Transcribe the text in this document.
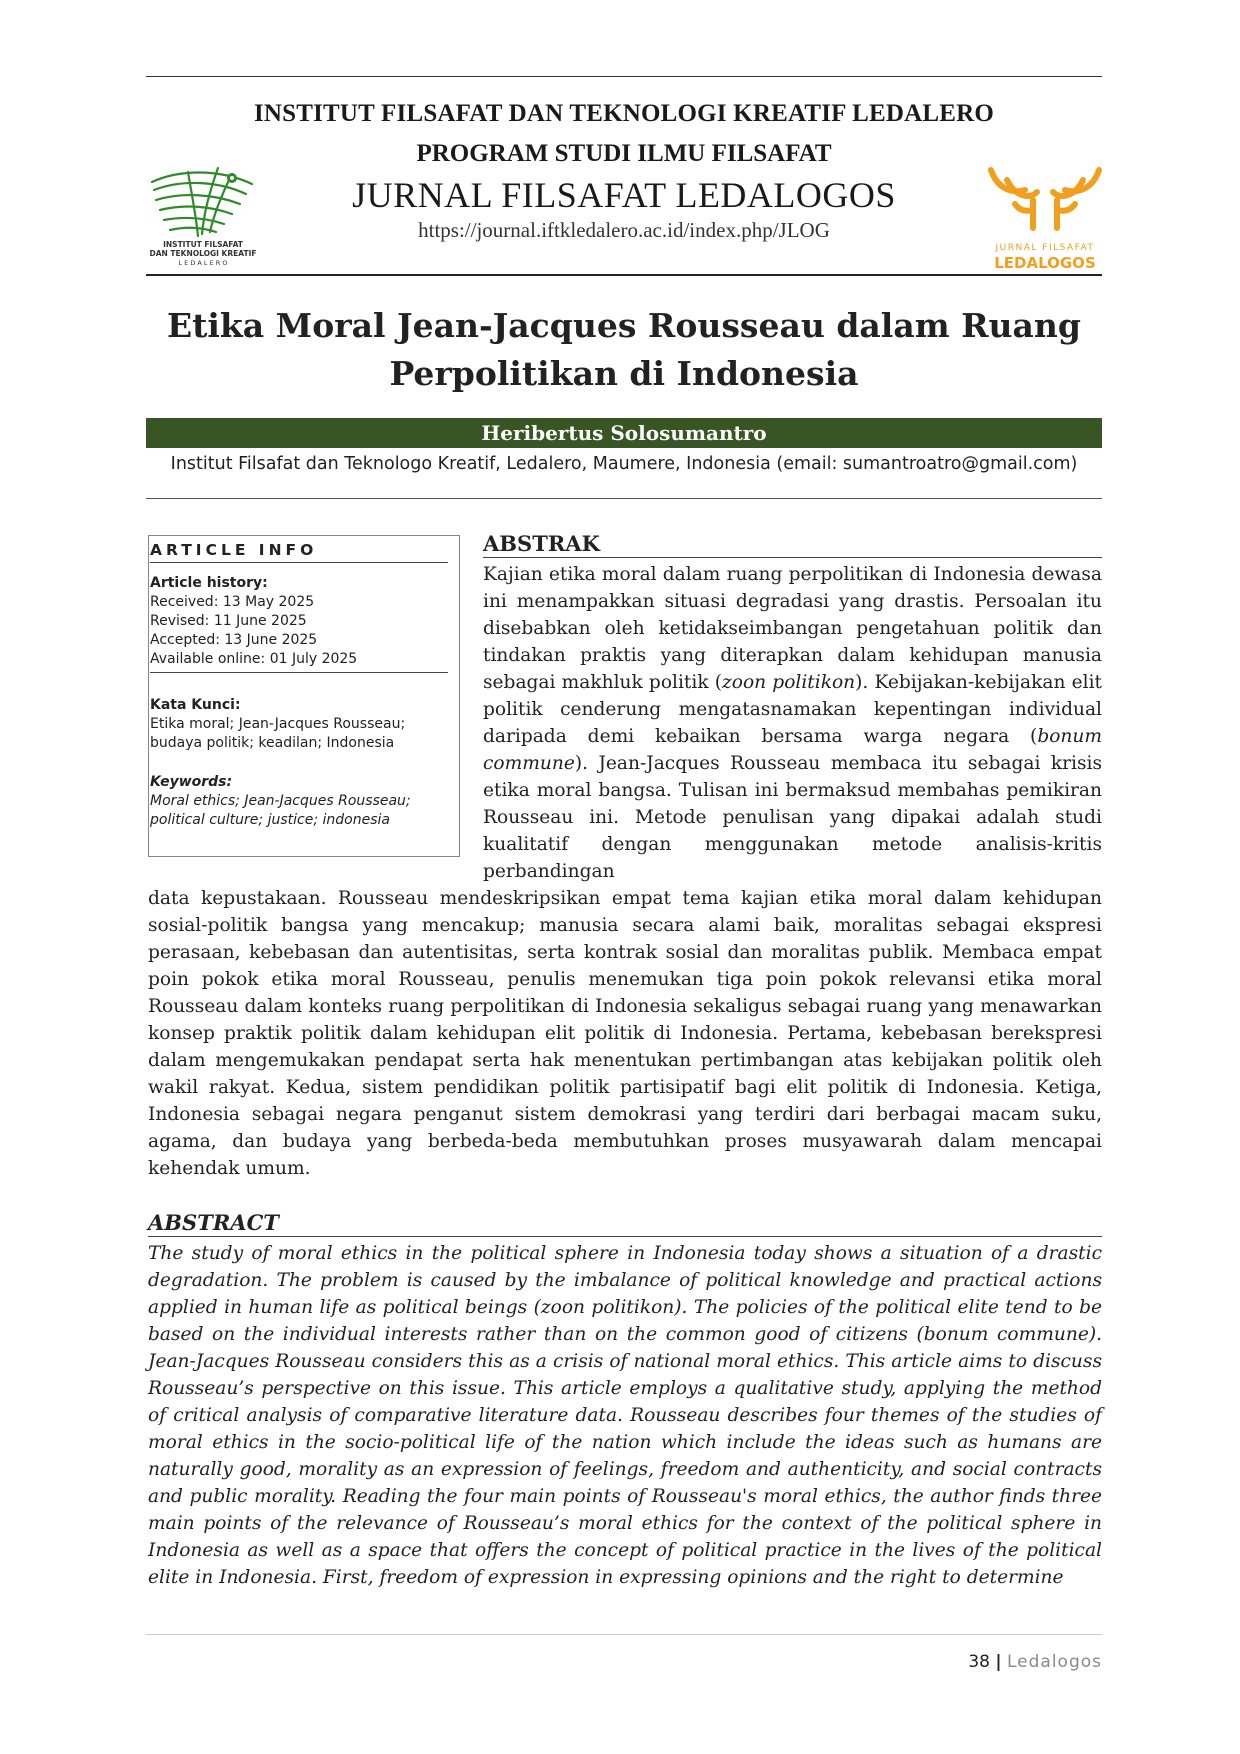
INSTITUT FILSAFAT DAN TEKNOLOGI KREATIF LEDALERO
PROGRAM STUDI ILMU FILSAFAT
JURNAL FILSAFAT LEDALOGOS
https://journal.iftkledalero.ac.id/index.php/JLOG
INSTITUT FILSAFAT
DAN TEKNOLOGI KREATIF
L E D A L E R O
JURNAL FILSAFAT
LEDALOGOS
Etika Moral Jean-Jacques Rousseau dalam Ruang
Perpolitikan di Indonesia
Heribertus Solosumantro
Institut Filsafat dan Teknologo Kreatif, Ledalero, Maumere, Indonesia (email: sumantroatro@gmail.com)
ARTICLE INFO
Article history:
Received: 13 May 2025
Revised: 11 June 2025
Accepted: 13 June 2025
Available online: 01 July 2025
Kata Kunci:
Etika moral; Jean-Jacques Rousseau;
budaya politik; keadilan; Indonesia
Keywords:
Moral ethics; Jean-Jacques Rousseau;
political culture; justice; indonesia
ABSTRAK
Kajian etika moral dalam ruang perpolitikan di Indonesia dewasa ini menampakkan situasi degradasi yang drastis. Persoalan itu disebabkan oleh ketidakseimbangan pengetahuan politik dan tindakan praktis yang diterapkan dalam kehidupan manusia sebagai makhluk politik (zoon politikon). Kebijakan-kebijakan elit politik cenderung mengatasnamakan kepentingan individual daripada demi kebaikan bersama warga negara (bonum commune). Jean-Jacques Rousseau membaca itu sebagai krisis etika moral bangsa. Tulisan ini bermaksud membahas pemikiran Rousseau ini. Metode penulisan yang dipakai adalah studi kualitatif dengan menggunakan metode analisis-kritis perbandingan
data kepustakaan. Rousseau mendeskripsikan empat tema kajian etika moral dalam kehidupan sosial-politik bangsa yang mencakup; manusia secara alami baik, moralitas sebagai ekspresi perasaan, kebebasan dan autentisitas, serta kontrak sosial dan moralitas publik. Membaca empat poin pokok etika moral Rousseau, penulis menemukan tiga poin pokok relevansi etika moral Rousseau dalam konteks ruang perpolitikan di Indonesia sekaligus sebagai ruang yang menawarkan konsep praktik politik dalam kehidupan elit politik di Indonesia. Pertama, kebebasan berekspresi dalam mengemukakan pendapat serta hak menentukan pertimbangan atas kebijakan politik oleh wakil rakyat. Kedua, sistem pendidikan politik partisipatif bagi elit politik di Indonesia. Ketiga, Indonesia sebagai negara penganut sistem demokrasi yang terdiri dari berbagai macam suku, agama, dan budaya yang berbeda-beda membutuhkan proses musyawarah dalam mencapai kehendak umum.
ABSTRACT
The study of moral ethics in the political sphere in Indonesia today shows a situation of a drastic degradation. The problem is caused by the imbalance of political knowledge and practical actions applied in human life as political beings (zoon politikon). The policies of the political elite tend to be based on the individual interests rather than on the common good of citizens (bonum commune). Jean-Jacques Rousseau considers this as a crisis of national moral ethics. This article aims to discuss Rousseau’s perspective on this issue. This article employs a qualitative study, applying the method of critical analysis of comparative literature data. Rousseau describes four themes of the studies of moral ethics in the socio-political life of the nation which include the ideas such as humans are naturally good, morality as an expression of feelings, freedom and authenticity, and social contracts and public morality. Reading the four main points of Rousseau's moral ethics, the author finds three main points of the relevance of Rousseau’s moral ethics for the context of the political sphere in Indonesia as well as a space that offers the concept of political practice in the lives of the political elite in Indonesia. First, freedom of expression in expressing opinions and the right to determine
38 | Ledalogos
